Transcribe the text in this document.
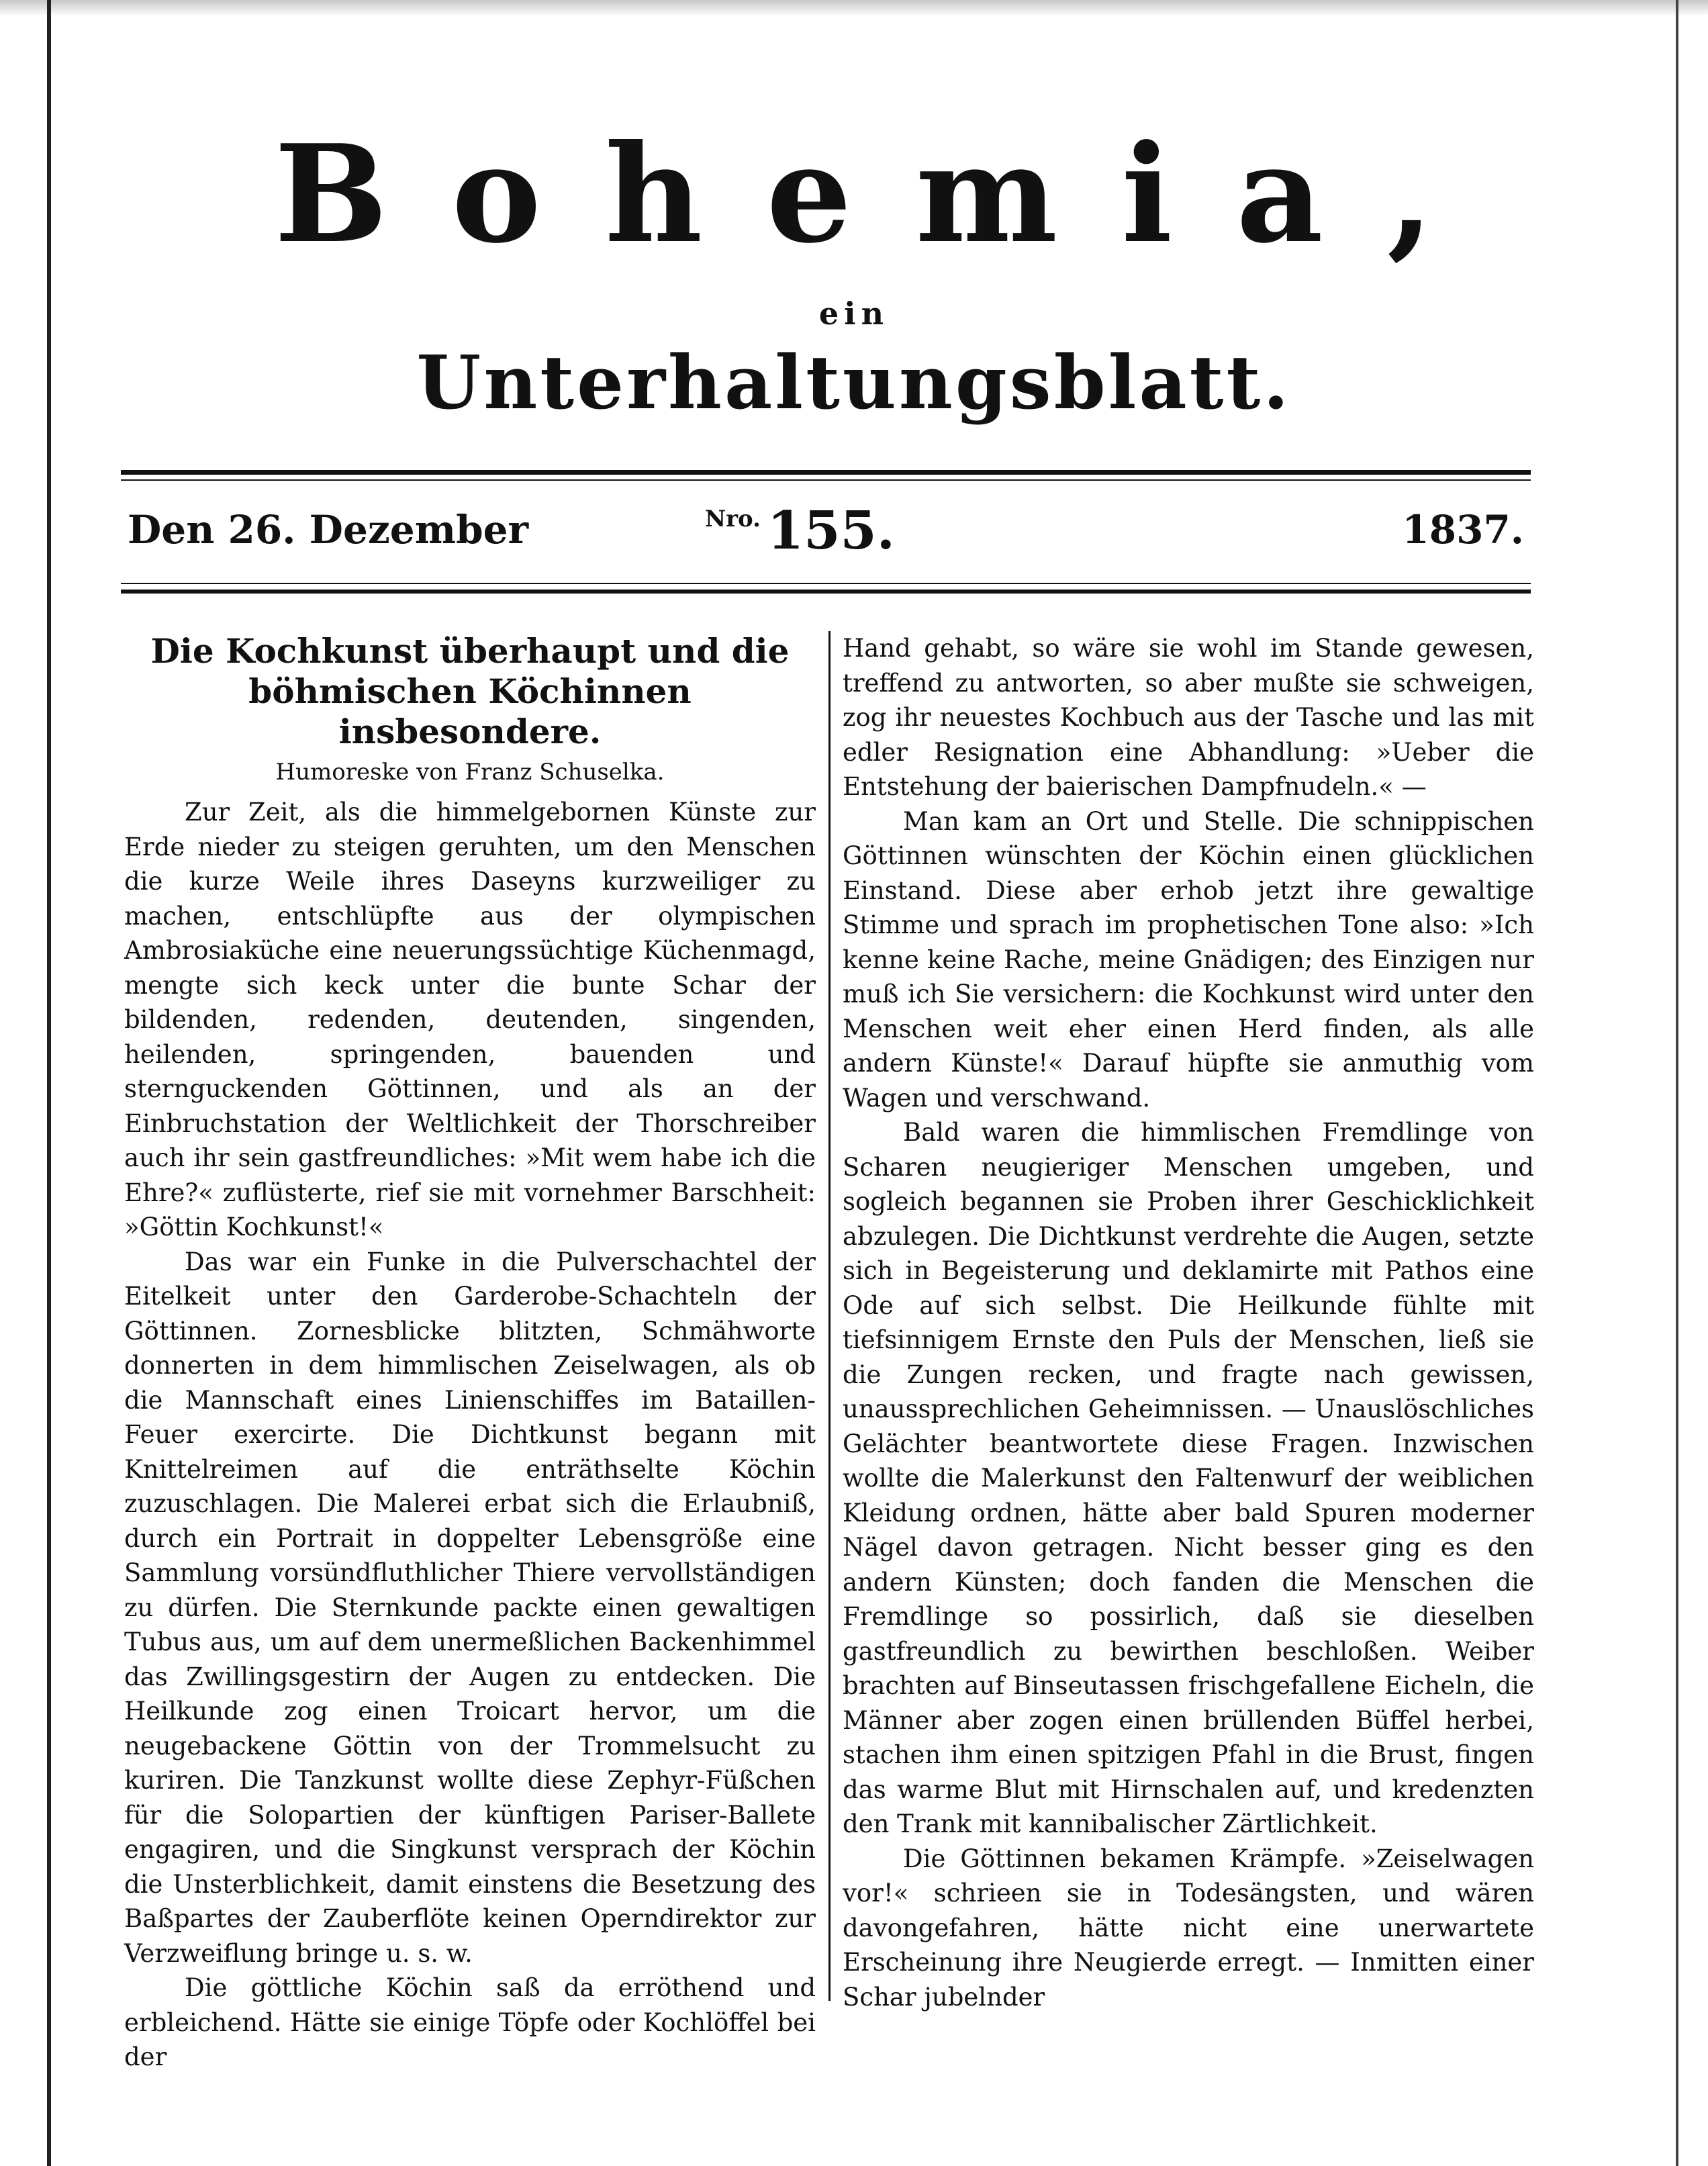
Bohemia,
ein
Unterhaltungsblatt.
Den 26. Dezember	$^{Nro.}$ 155.	1837.
Die Kochkunst überhaupt und die böhmischen Köchinnen insbesondere.

Humoreske von Franz Schuselka.

Zur Zeit, als die himmelgebornen Künste zur Erde nieder zu steigen geruhten, um den Menschen die kurze Weile ihres Daseyns kurzweiliger zu machen, entschlüpfte aus der olympischen Ambrosiaküche eine neuerungssüchtige Küchenmagd, mengte sich keck unter die bunte Schar der bildenden, redenden, deutenden, singenden, heilenden, springenden, bauenden und sternguckenden Göttinnen, und als an der Einbruchstation der Weltlichkeit der Thorschreiber auch ihr sein gastfreundliches: »Mit wem habe ich die Ehre?« zuflüsterte, rief sie mit vornehmer Barschheit: »Göttin Kochkunst!«

Das war ein Funke in die Pulverschachtel der Eitelkeit unter den Garderobe-Schachteln der Göttinnen. Zornesblicke blitzten, Schmähworte donnerten in dem himmlischen Zeiselwagen, als ob die Mannschaft eines Linienschiffes im Bataillen-Feuer exercirte. Die Dichtkunst begann mit Knittelreimen auf die enträthselte Köchin zuzuschlagen. Die Malerei erbat sich die Erlaubniß, durch ein Portrait in doppelter Lebensgröße eine Sammlung vorsündfluthlicher Thiere vervollständigen zu dürfen. Die Sternkunde packte einen gewaltigen Tubus aus, um auf dem unermeßlichen Backenhimmel das Zwillingsgestirn der Augen zu entdecken. Die Heilkunde zog einen Troicart hervor, um die neugebackene Göttin von der Trommelsucht zu kuriren. Die Tanzkunst wollte diese Zephyr-Füßchen für die Solopartien der künftigen Pariser-Ballete engagiren, und die Singkunst versprach der Köchin die Unsterblichkeit, damit einstens die Besetzung des Baßpartes der Zauberflöte keinen Operndirektor zur Verzweiflung bringe u. s. w.

Die göttliche Köchin saß da erröthend und erbleichend. Hätte sie einige Töpfe oder Kochlöffel bei der

Hand gehabt, so wäre sie wohl im Stande gewesen, treffend zu antworten, so aber mußte sie schweigen, zog ihr neuestes Kochbuch aus der Tasche und las mit edler Resignation eine Abhandlung: »Ueber die Entstehung der baierischen Dampfnudeln.« —

Man kam an Ort und Stelle. Die schnippischen Göttinnen wünschten der Köchin einen glücklichen Einstand. Diese aber erhob jetzt ihre gewaltige Stimme und sprach im prophetischen Tone also: »Ich kenne keine Rache, meine Gnädigen; des Einzigen nur muß ich Sie versichern: die Kochkunst wird unter den Menschen weit eher einen Herd finden, als alle andern Künste!« Darauf hüpfte sie anmuthig vom Wagen und verschwand.

Bald waren die himmlischen Fremdlinge von Scharen neugieriger Menschen umgeben, und sogleich begannen sie Proben ihrer Geschicklichkeit abzulegen. Die Dichtkunst verdrehte die Augen, setzte sich in Begeisterung und deklamirte mit Pathos eine Ode auf sich selbst. Die Heilkunde fühlte mit tiefsinnigem Ernste den Puls der Menschen, ließ sie die Zungen recken, und fragte nach gewissen, unaussprechlichen Geheimnissen. — Unauslöschliches Gelächter beantwortete diese Fragen. Inzwischen wollte die Malerkunst den Faltenwurf der weiblichen Kleidung ordnen, hätte aber bald Spuren moderner Nägel davon getragen. Nicht besser ging es den andern Künsten; doch fanden die Menschen die Fremdlinge so possirlich, daß sie dieselben gastfreundlich zu bewirthen beschloßen. Weiber brachten auf Binseutassen frischgefallene Eicheln, die Männer aber zogen einen brüllenden Büffel herbei, stachen ihm einen spitzigen Pfahl in die Brust, fingen das warme Blut mit Hirnschalen auf, und kredenzten den Trank mit kannibalischer Zärtlichkeit.

Die Göttinnen bekamen Krämpfe. »Zeiselwagen vor!« schrieen sie in Todesängsten, und wären davongefahren, hätte nicht eine unerwartete Erscheinung ihre Neugierde erregt. — Inmitten einer Schar jubelnder
